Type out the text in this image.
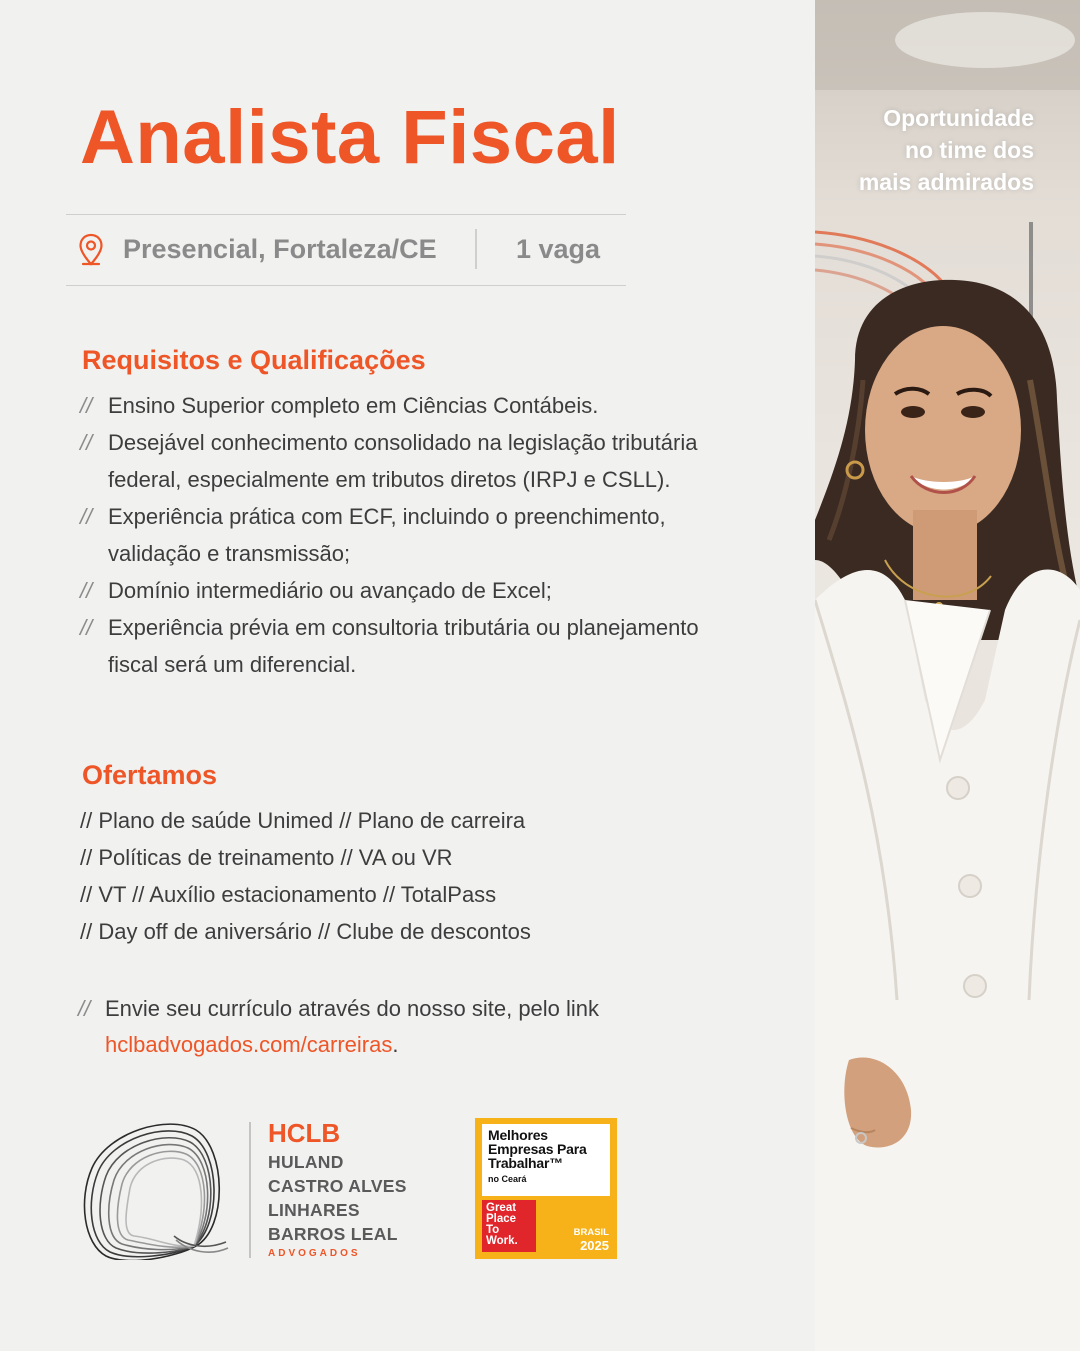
Analista Fiscal
Presencial, Fortaleza/CE	1 vaga
Requisitos e Qualificações
// Ensino Superior completo em Ciências Contábeis.
// Desejável conhecimento consolidado na legislação tributária federal, especialmente em tributos diretos (IRPJ e CSLL).
// Experiência prática com ECF, incluindo o preenchimento, validação e transmissão;
// Domínio intermediário ou avançado de Excel;
// Experiência prévia em consultoria tributária ou planejamento fiscal será um diferencial.
Ofertamos
// Plano de saúde Unimed // Plano de carreira
// Políticas de treinamento // VA ou VR
// VT // Auxílio estacionamento // TotalPass
// Day off de aniversário // Clube de descontos

// Envie seu currículo através do nosso site, pelo link
hclbadvogados.com/carreiras.

HCLB
HULAND
CASTRO ALVES
LINHARES
BARROS LEAL
ADVOGADOS
Melhores
Empresas Para
Trabalhar™
no Ceará
Great
Place
To
Work.
BRASIL
2025
Oportunidade
no time dos
mais admirados
